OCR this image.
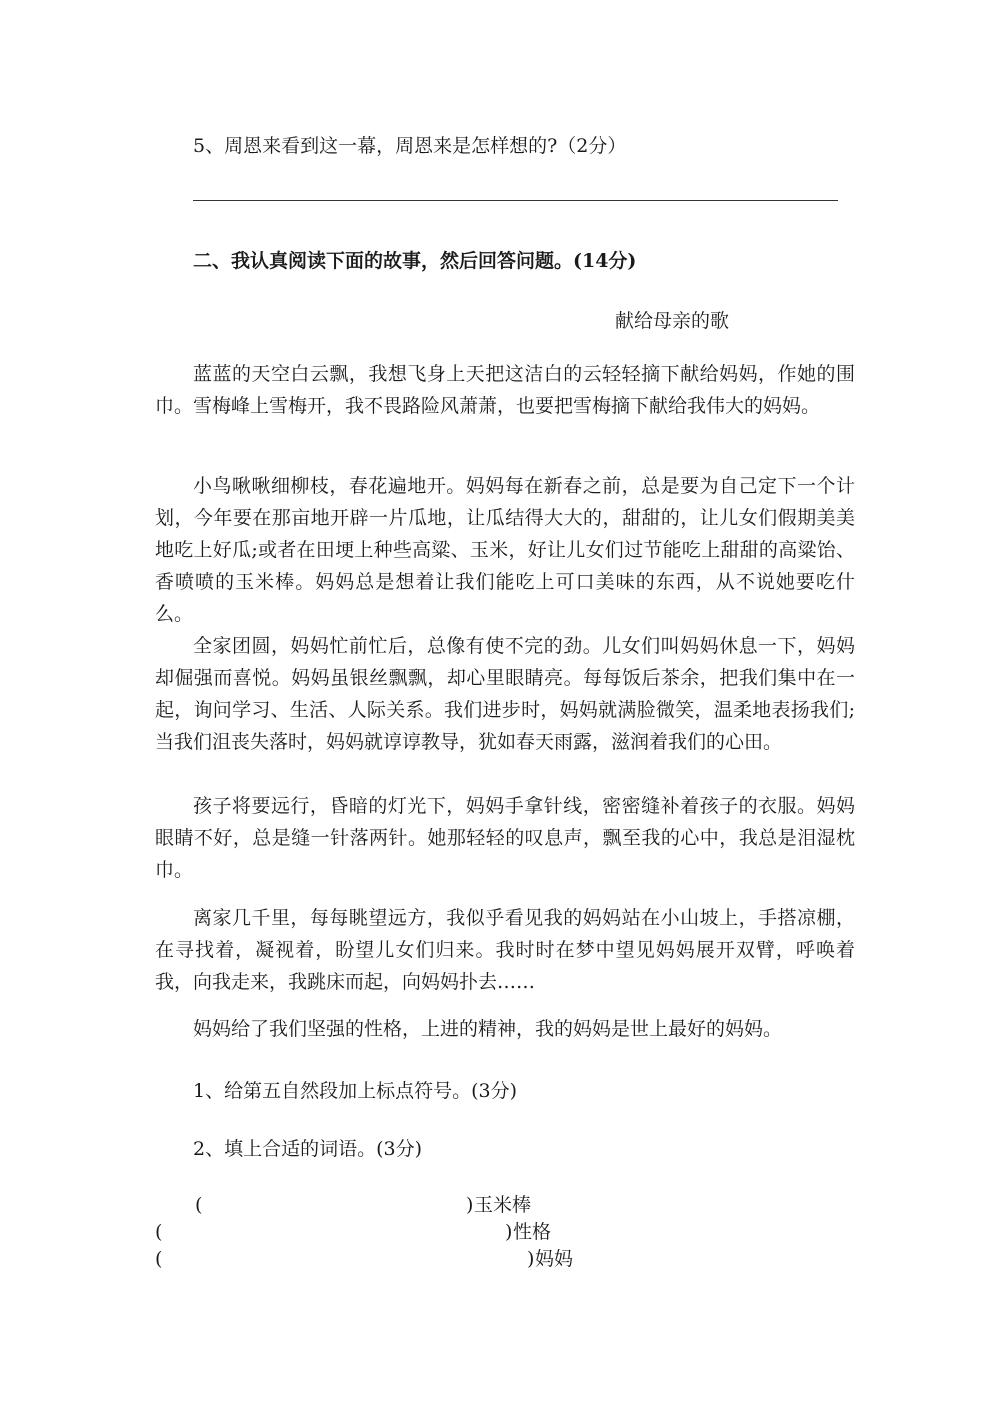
5、周恩来看到这一幕，周恩来是怎样想的?（2分）
二、我认真阅读下面的故事，然后回答问题。(14分)
献给母亲的歌
蓝蓝的天空白云飘，我想飞身上天把这洁白的云轻轻摘下献给妈妈，作她的围巾。雪梅峰上雪梅开，我不畏路险风萧萧，也要把雪梅摘下献给我伟大的妈妈。
小鸟啾啾细柳枝，春花遍地开。妈妈每在新春之前，总是要为自己定下一个计划，今年要在那亩地开辟一片瓜地，让瓜结得大大的，甜甜的，让儿女们假期美美地吃上好瓜;或者在田埂上种些高粱、玉米，好让儿女们过节能吃上甜甜的高粱饴、香喷喷的玉米棒。妈妈总是想着让我们能吃上可口美味的东西，从不说她要吃什么。
全家团圆，妈妈忙前忙后，总像有使不完的劲。儿女们叫妈妈休息一下，妈妈却倔强而喜悦。妈妈虽银丝飘飘，却心里眼睛亮。每每饭后茶余，把我们集中在一起，询问学习、生活、人际关系。我们进步时，妈妈就满脸微笑，温柔地表扬我们;当我们沮丧失落时，妈妈就谆谆教导，犹如春天雨露，滋润着我们的心田。
孩子将要远行，昏暗的灯光下，妈妈手拿针线，密密缝补着孩子的衣服。妈妈眼睛不好，总是缝一针落两针。她那轻轻的叹息声，飘至我的心中，我总是泪湿枕巾。
离家几千里，每每眺望远方，我似乎看见我的妈妈站在小山坡上，手搭凉棚，在寻找着，凝视着，盼望儿女们归来。我时时在梦中望见妈妈展开双臂，呼唤着我，向我走来，我跳床而起，向妈妈扑去……
妈妈给了我们坚强的性格，上进的精神，我的妈妈是世上最好的妈妈。
1、给第五自然段加上标点符号。(3分)
2、填上合适的词语。(3分)
(	) 玉米棒
(	) 性格
(	) 妈妈
